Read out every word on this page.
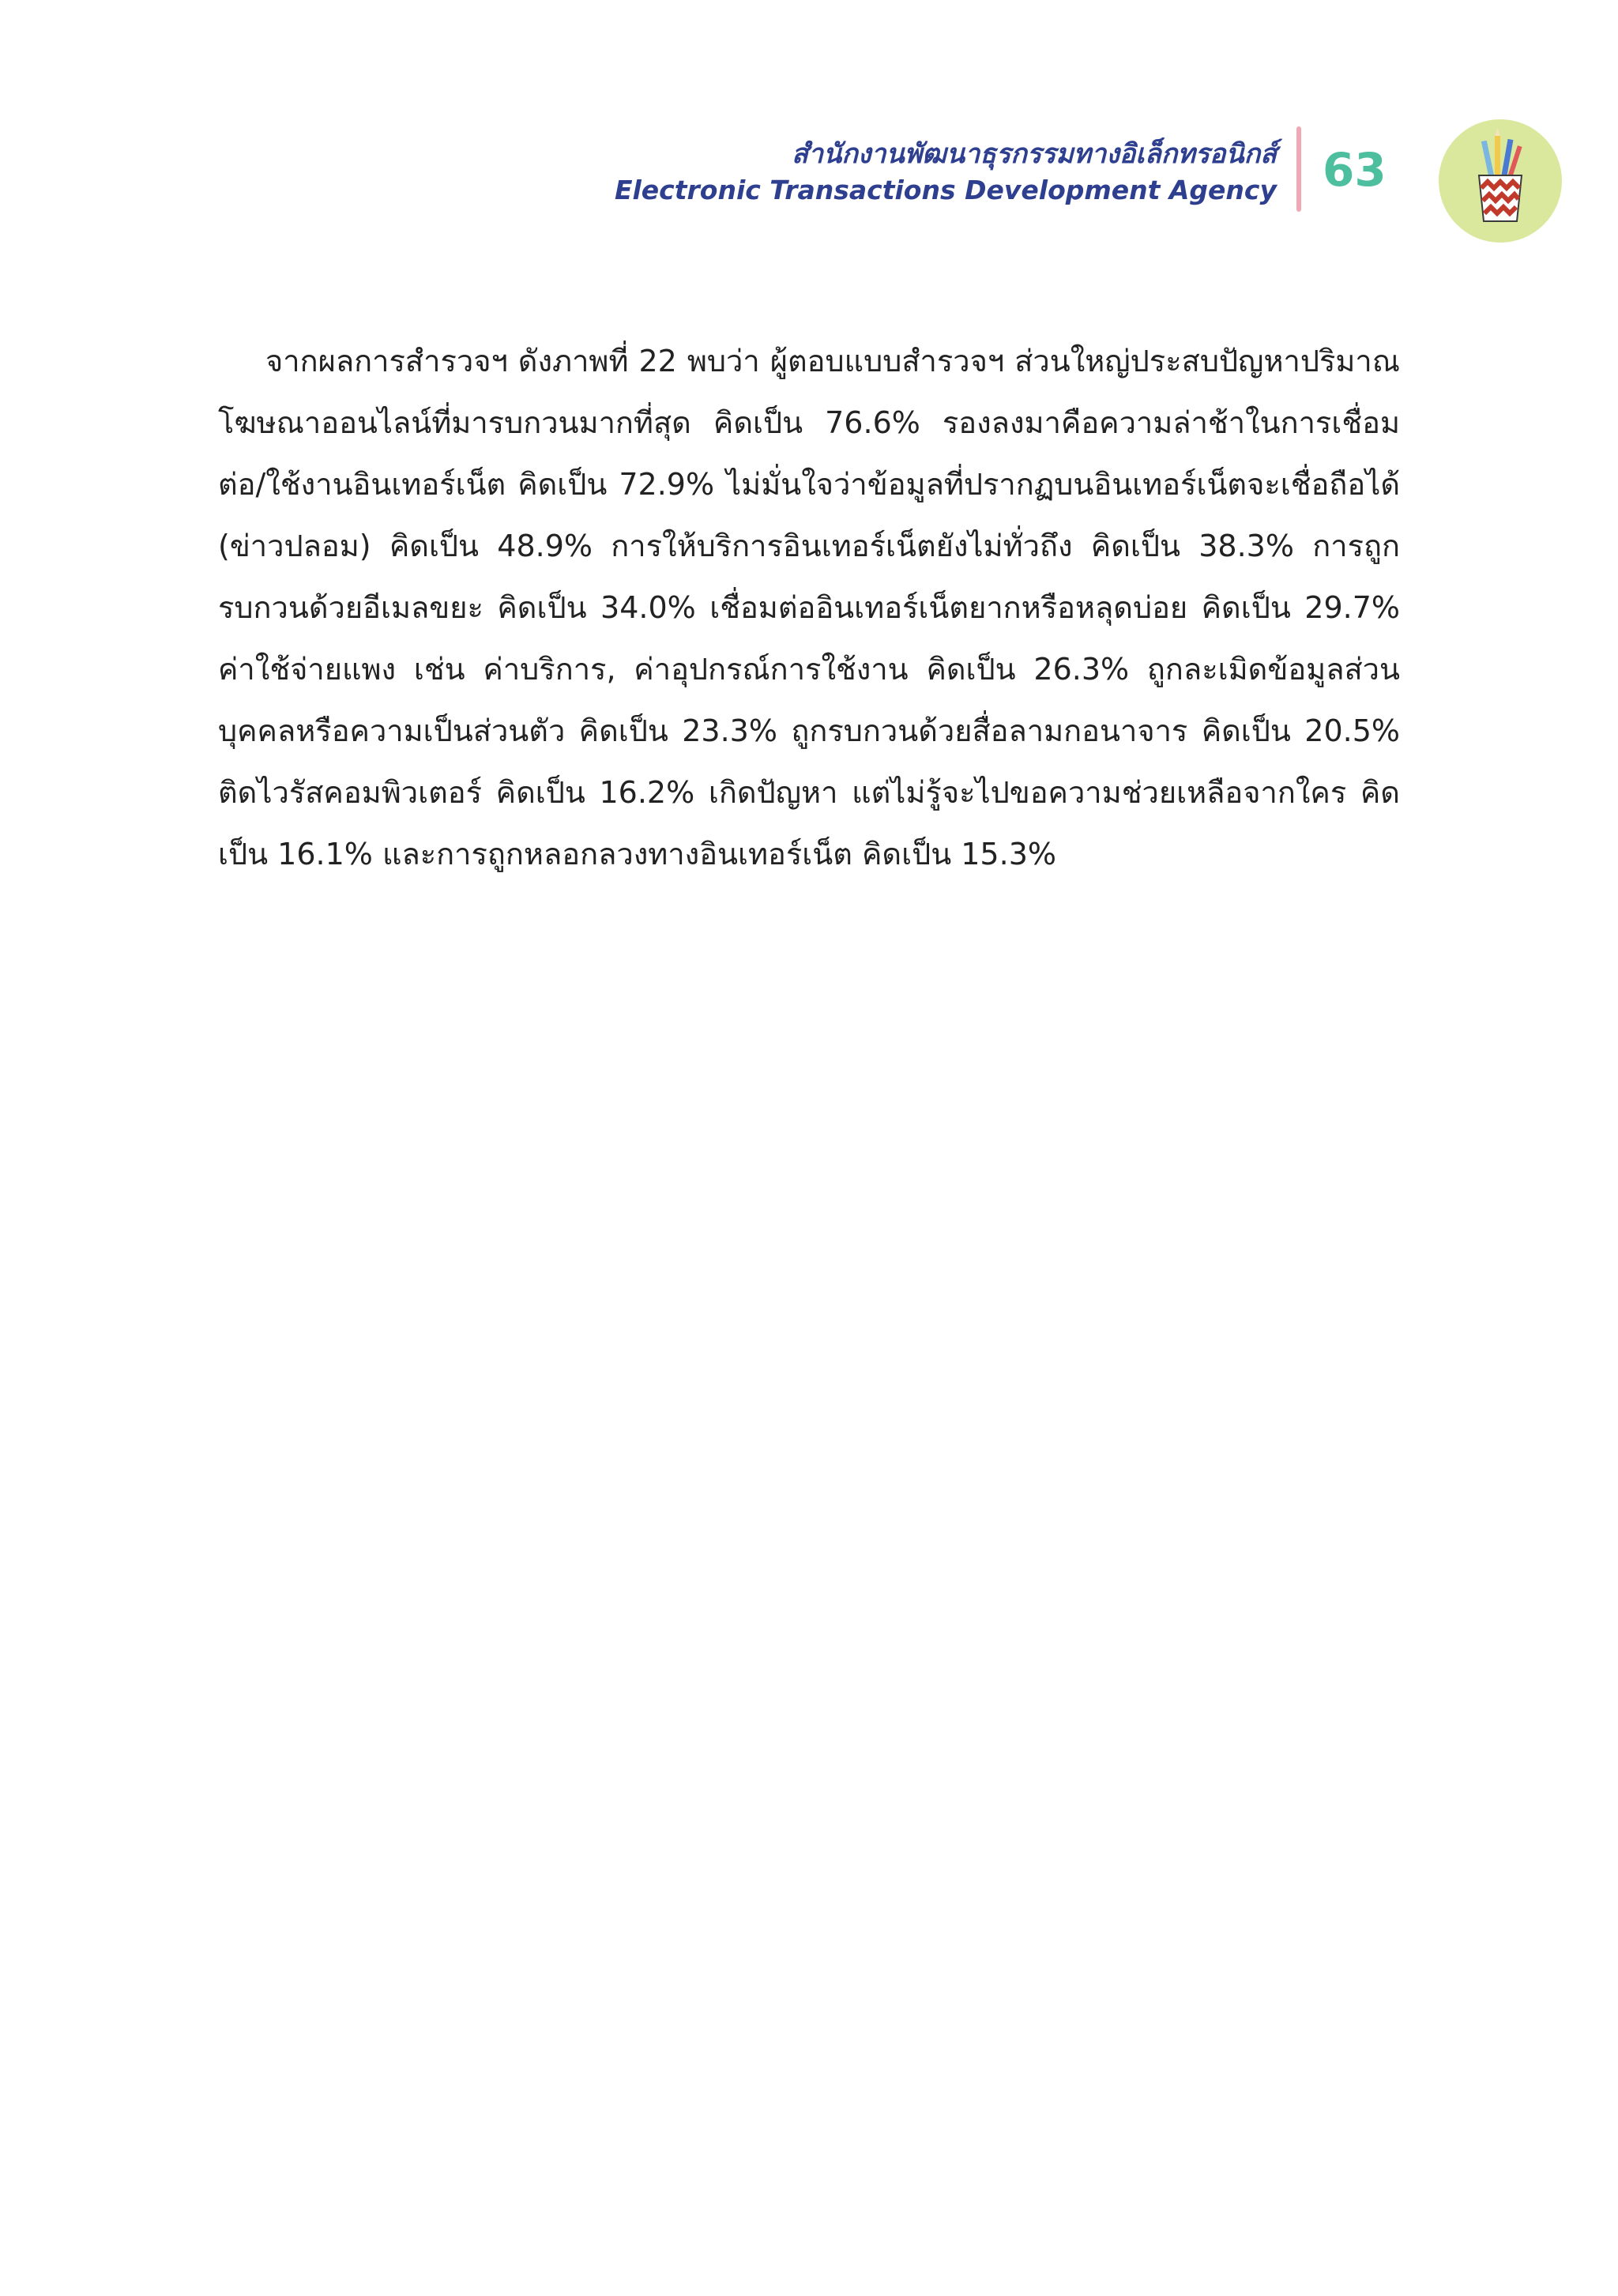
สำนักงานพัฒนาธุรกรรมทางอิเล็กทรอนิกส์
Electronic Transactions Development Agency 63
จากผลการสำรวจฯ ดังภาพที่ 22 พบว่า ผู้ตอบแบบสำรวจฯ ส่วนใหญ่ประสบปัญหาปริมาณโฆษณาออนไลน์ที่มารบกวนมากที่สุด คิดเป็น 76.6% รองลงมาคือความล่าช้าในการเชื่อมต่อ/ใช้งานอินเทอร์เน็ต คิดเป็น 72.9% ไม่มั่นใจว่าข้อมูลที่ปรากฏบนอินเทอร์เน็ตจะเชื่อถือได้ (ข่าวปลอม) คิดเป็น 48.9% การให้บริการอินเทอร์เน็ตยังไม่ทั่วถึง คิดเป็น 38.3% การถูกรบกวนด้วยอีเมลขยะ คิดเป็น 34.0% เชื่อมต่ออินเทอร์เน็ตยากหรือหลุดบ่อย คิดเป็น 29.7% ค่าใช้จ่ายแพง เช่น ค่าบริการ, ค่าอุปกรณ์การใช้งาน คิดเป็น 26.3% ถูกละเมิดข้อมูลส่วนบุคคลหรือความเป็นส่วนตัว คิดเป็น 23.3% ถูกรบกวนด้วยสื่อลามกอนาจาร คิดเป็น 20.5% ติดไวรัสคอมพิวเตอร์ คิดเป็น 16.2% เกิดปัญหา แต่ไม่รู้จะไปขอความช่วยเหลือจากใคร คิดเป็น 16.1% และการถูกหลอกลวงทางอินเทอร์เน็ต คิดเป็น 15.3%
